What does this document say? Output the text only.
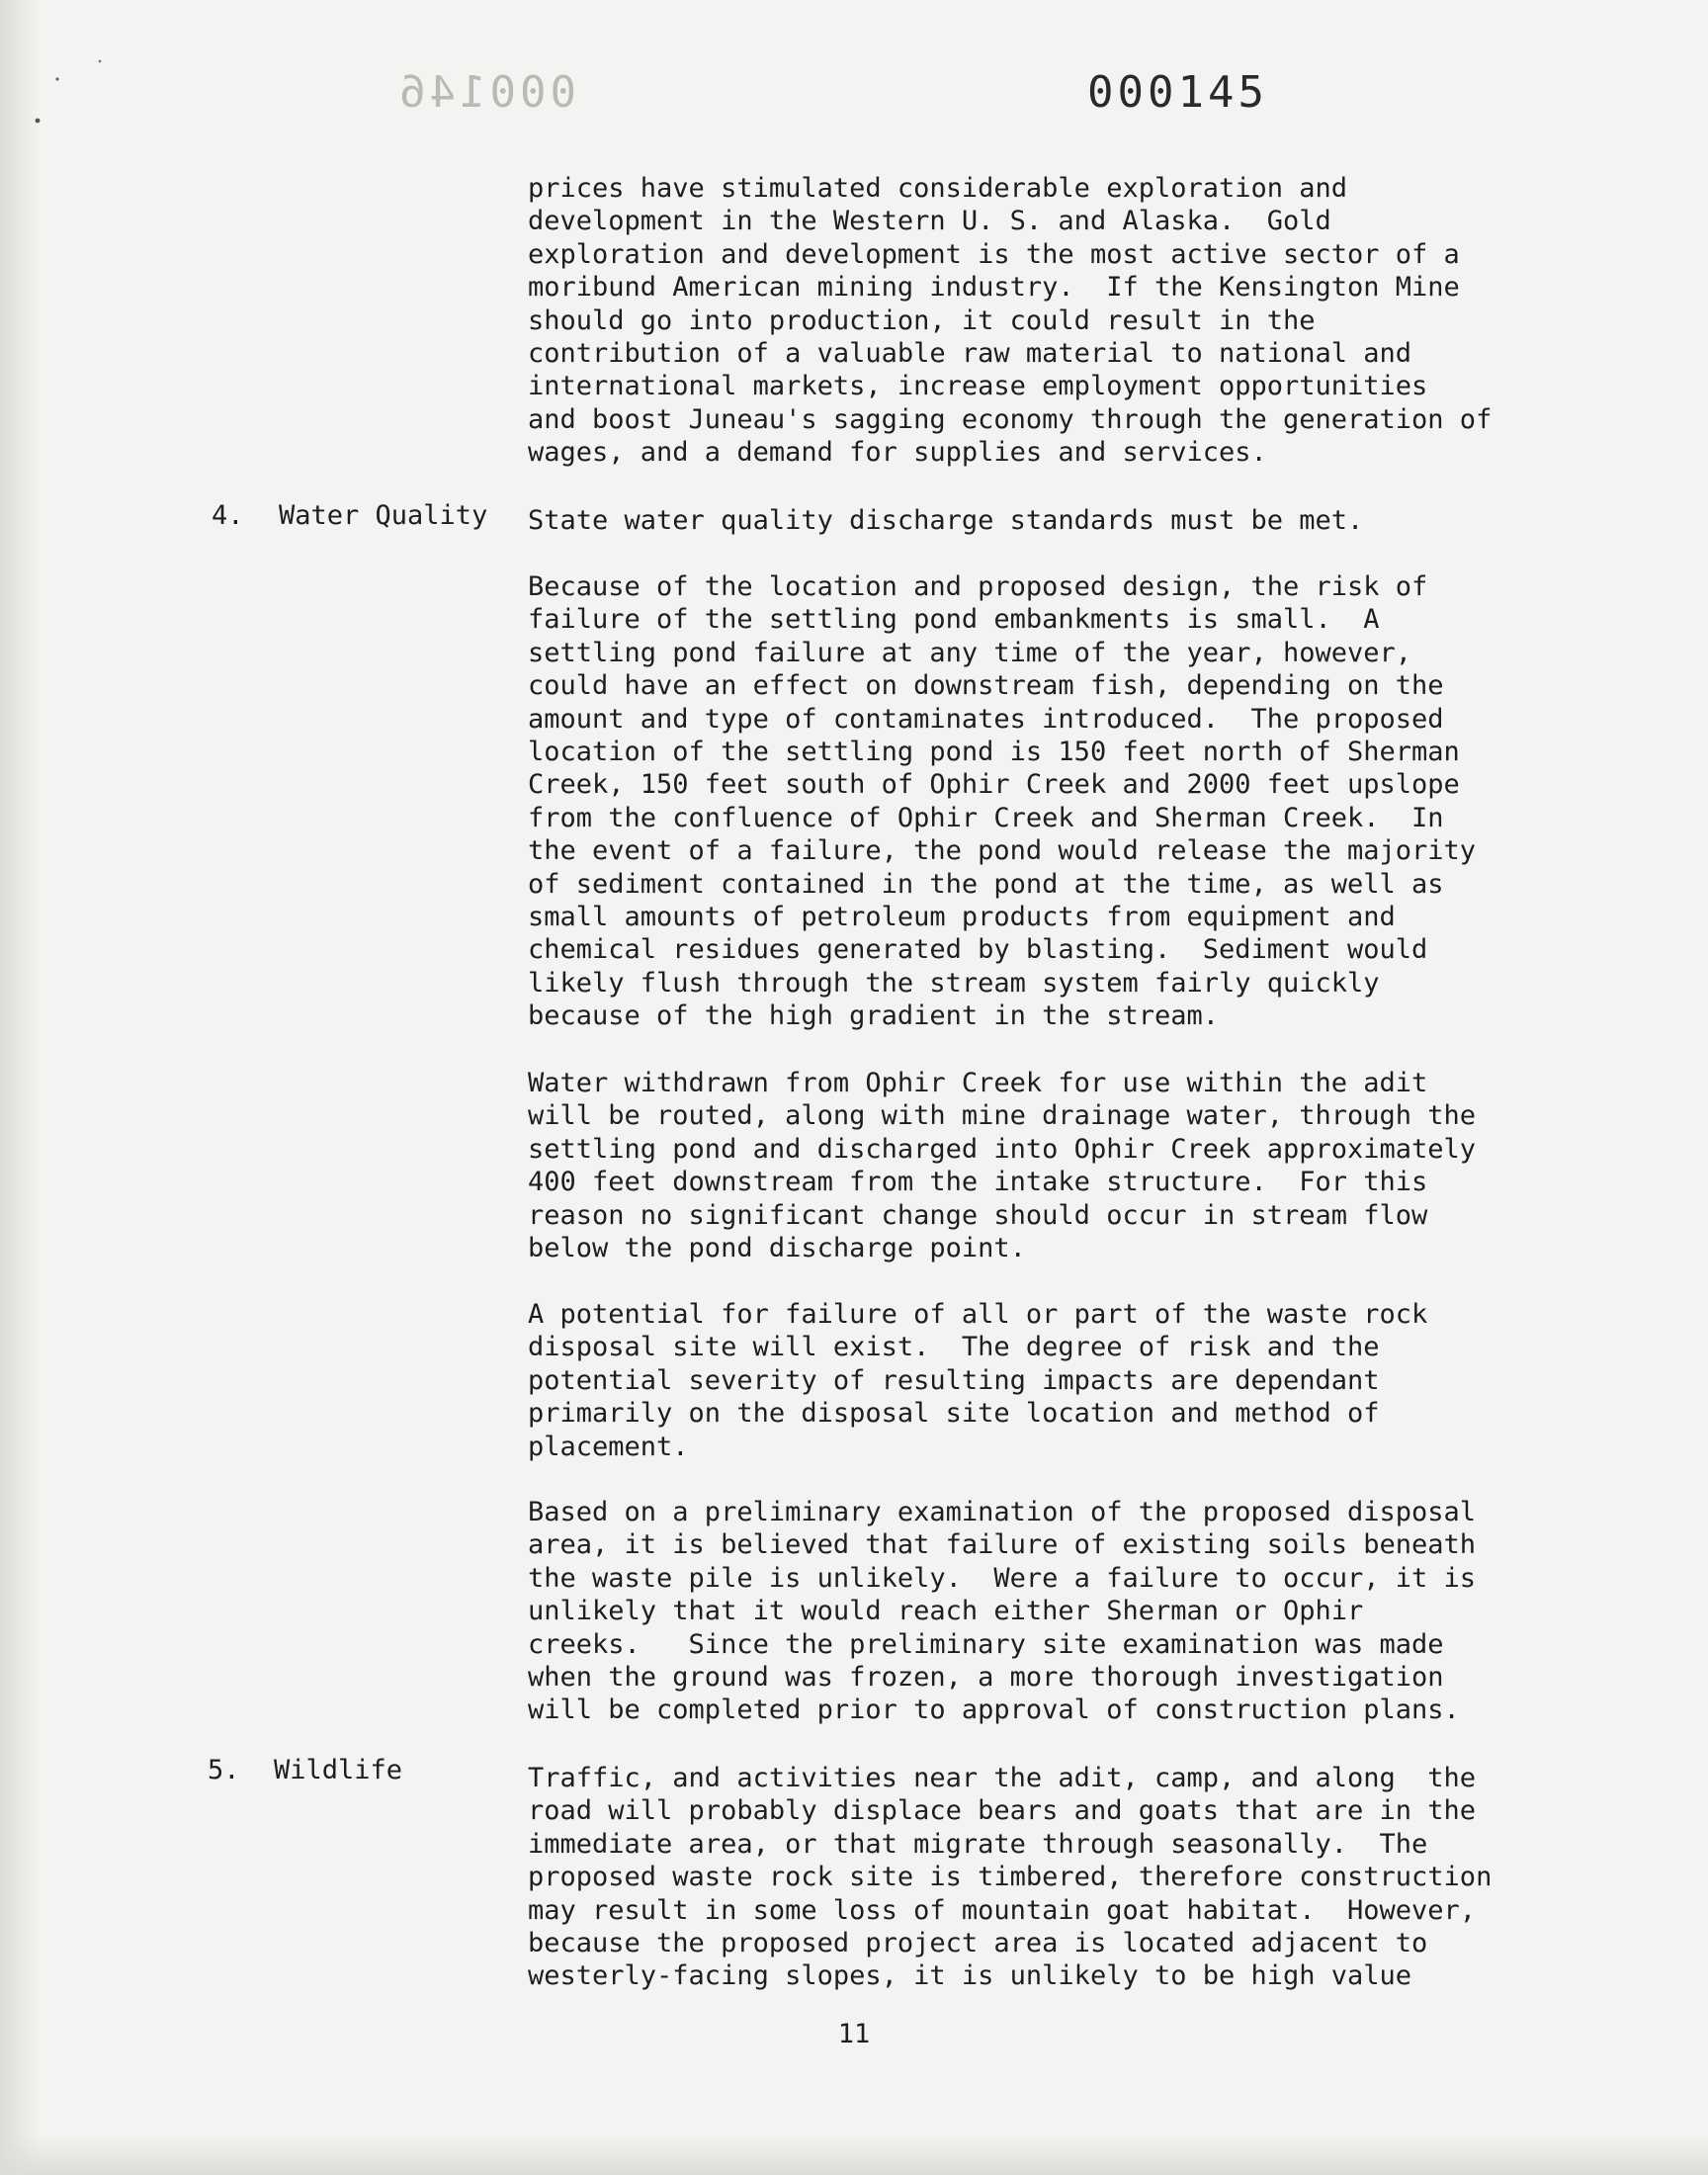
000146	000145

prices have stimulated considerable exploration and
development in the Western U. S. and Alaska.  Gold
exploration and development is the most active sector of a
moribund American mining industry.  If the Kensington Mine
should go into production, it could result in the
contribution of a valuable raw material to national and
international markets, increase employment opportunities
and boost Juneau's sagging economy through the generation of
wages, and a demand for supplies and services.

4. Water Quality State water quality discharge standards must be met.

Because of the location and proposed design, the risk of
failure of the settling pond embankments is small.  A
settling pond failure at any time of the year, however,
could have an effect on downstream fish, depending on the
amount and type of contaminates introduced.  The proposed
location of the settling pond is 150 feet north of Sherman
Creek, 150 feet south of Ophir Creek and 2000 feet upslope
from the confluence of Ophir Creek and Sherman Creek.  In
the event of a failure, the pond would release the majority
of sediment contained in the pond at the time, as well as
small amounts of petroleum products from equipment and
chemical residues generated by blasting.  Sediment would
likely flush through the stream system fairly quickly
because of the high gradient in the stream.

Water withdrawn from Ophir Creek for use within the adit
will be routed, along with mine drainage water, through the
settling pond and discharged into Ophir Creek approximately
400 feet downstream from the intake structure.  For this
reason no significant change should occur in stream flow
below the pond discharge point.

A potential for failure of all or part of the waste rock
disposal site will exist.  The degree of risk and the
potential severity of resulting impacts are dependant
primarily on the disposal site location and method of
placement.

Based on a preliminary examination of the proposed disposal
area, it is believed that failure of existing soils beneath
the waste pile is unlikely.  Were a failure to occur, it is
unlikely that it would reach either Sherman or Ophir
creeks.   Since the preliminary site examination was made
when the ground was frozen, a more thorough investigation
will be completed prior to approval of construction plans.

5. Wildlife	Traffic, and activities near the adit, camp, and along  the
road will probably displace bears and goats that are in the
immediate area, or that migrate through seasonally.  The
proposed waste rock site is timbered, therefore construction
may result in some loss of mountain goat habitat.  However,
because the proposed project area is located adjacent to
westerly-facing slopes, it is unlikely to be high value

11
